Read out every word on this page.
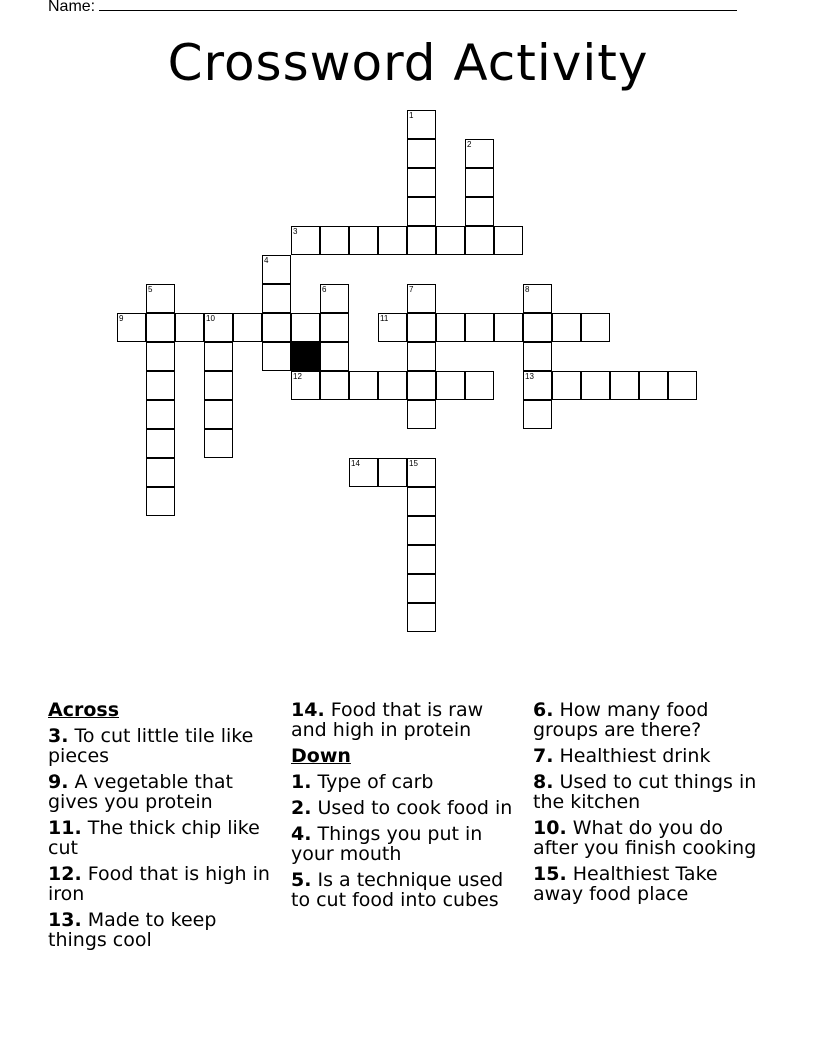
Name:
Crossword Activity
1
2
3
4
5	6	7	8
13
9	10	11
12
14	15
Across
3. To cut little tile like pieces
9. A vegetable that gives you protein
11. The thick chip like cut
12. Food that is high in iron
13. Made to keep things cool
14. Food that is raw and high in protein
Down
1. Type of carb
2. Used to cook food in
4. Things you put in your mouth
5. Is a technique used to cut food into cubes
6. How many food groups are there?
7. Healthiest drink
8. Used to cut things in the kitchen
10. What do you do after you finish cooking
15. Healthiest Take away food place
